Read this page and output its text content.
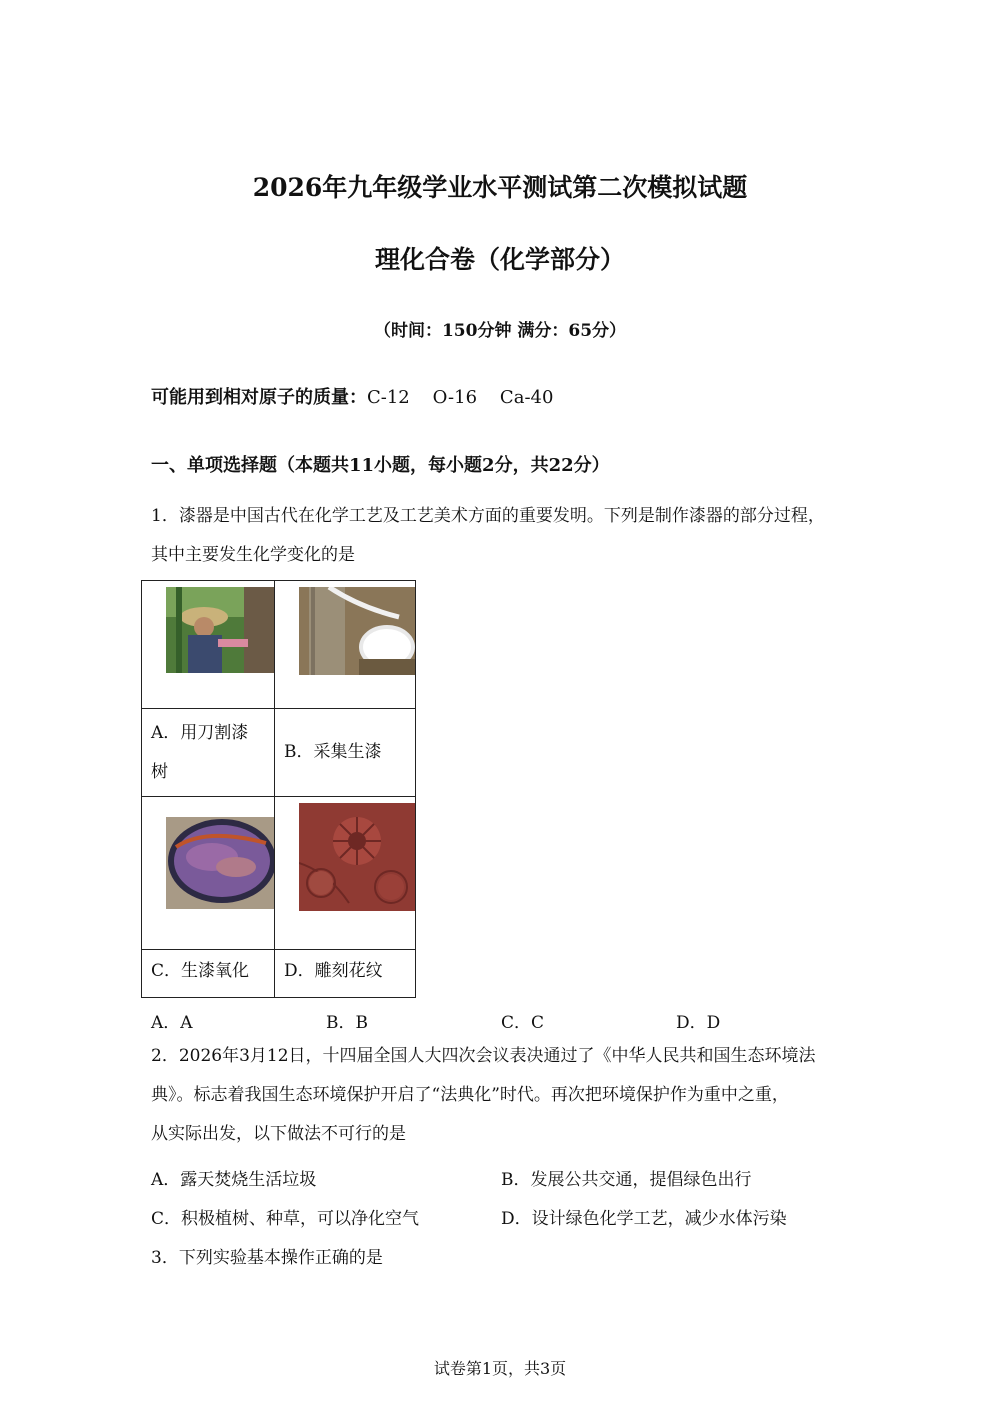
2026年九年级学业水平测试第二次模拟试题
理化合卷（化学部分）
（时间：150分钟 满分：65分）
可能用到相对原子的质量：C-12    O-16    Ca-40
一、单项选择题（本题共11小题，每小题2分，共22分）
1．漆器是中国古代在化学工艺及工艺美术方面的重要发明。下列是制作漆器的部分过程，
其中主要发生化学变化的是

A．用刀割漆
树	B．采集生漆

C．生漆氧化	D．雕刻花纹
A．A	B．B	C．C	D．D
2．2026年3月12日，十四届全国人大四次会议表决通过了《中华人民共和国生态环境法
典》。标志着我国生态环境保护开启了“法典化”时代。再次把环境保护作为重中之重，
从实际出发，以下做法不可行的是
A．露天焚烧生活垃圾	B．发展公共交通，提倡绿色出行
C．积极植树、种草，可以净化空气	D．设计绿色化学工艺，减少水体污染
3．下列实验基本操作正确的是
试卷第1页，共3页
